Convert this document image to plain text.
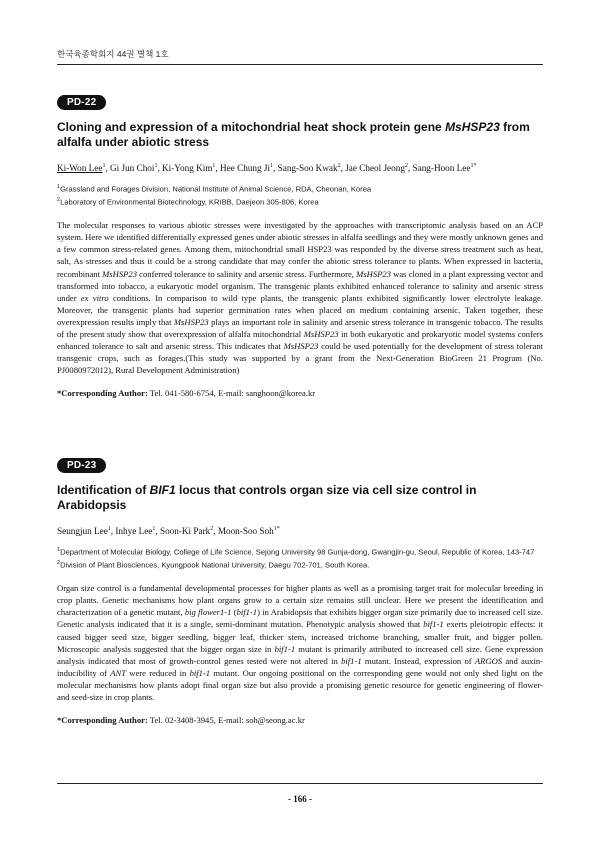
한국육종학회지 44권 별책 1호
PD-22
Cloning and expression of a mitochondrial heat shock protein gene MsHSP23 from alfalfa under abiotic stress
Ki-Won Lee$^1$, Gi Jun Choi$^1$, Ki-Yong Kim$^1$, Hee Chung Ji$^1$, Sang-Soo Kwak$^2$, Jae Cheol Jeong$^2$, Sang-Hoon Lee$^{1*}$
$^1$Grassland and Forages Division, National Institute of Animal Science, RDA, Cheonan, Korea
$^2$Laboratory of Environmental Biotechnology, KRIBB, Daejeon 305-806, Korea
The molecular responses to various abiotic stresses were investigated by the approaches with transcriptomic analysis based on an ACP system. Here we identified differentially expressed genes under abiotic stresses in alfalfa seedlings and they were mostly unknown genes and a few common stress-related genes. Among them, mitochondrial small HSP23 was responded by the diverse stress treatment such as heat, salt, As stresses and thus it could be a strong candidate that may confer the abiotic stress tolerance to plants. When expressed in bacteria, recombinant MsHSP23 conferred tolerance to salinity and arsenic stress. Furthermore, MsHSP23 was cloned in a plant expressing vector and transformed into tobacco, a eukaryotic model organism. The transgenic plants exhibited enhanced tolerance to salinity and arsenic stress under ex vitro conditions. In comparison to wild type plants, the transgenic plants exhibited significantly lower electrolyte leakage. Moreover, the transgenic plants had superior germination rates when placed on medium containing arsenic. Taken together, these overexpression results imply that MsHSP23 plays an important role in salinity and arsenic stress tolerance in transgenic tobacco. The results of the present study show that overexpression of alfalfa mitochondrial MsHSP23 in both eukaryotic and prokaryotic model systems confers enhanced tolerance to salt and arsenic stress. This indicates that MsHSP23 could be used potentially for the development of stress tolerant transgenic crops, such as forages.(This study was supported by a grant from the Next-Generation BioGreen 21 Program (No. PJ0080972012), Rural Development Administration)
*Corresponding Author: Tel. 041-580-6754, E-mail: sanghoon@korea.kr
PD-23
Identification of BIF1 locus that controls organ size via cell size control in Arabidopsis
Seungjun Lee$^1$, Inhye Lee$^1$, Soon-Ki Park$^2$, Moon-Soo Soh$^{1*}$
$^1$Department of Molecular Biology, College of Life Science, Sejong University 98 Gunja-dong, Gwangjin-gu, Seoul, Republic of Korea, 143-747
$^2$Division of Plant Biosciences, Kyungpook National University, Daegu 702-701, South Korea.
Organ size control is a fundamental developmental processes for higher plants as well as a promising target trait for molecular breeding in crop plants. Genetic mechanisms how plant organs grow to a certain size remains still unclear. Here we present the identification and characterization of a genetic mutant, big flower1-1 (bif1-1) in Arabidopsis that exhibits bigger organ size primarily due to increased cell size. Genetic analysis indicated that it is a single, semi-dominant mutation. Phenotypic analysis showed that bif1-1 exerts pleiotropic effects: it caused bigger seed size, bigger seedling, bigger leaf, thicker stem, increased trichome branching, smaller fruit, and bigger pollen. Microscopic analysis suggested that the bigger organ size in bif1-1 mutant is primarily attributed to increased cell size. Gene expression analysis indicated that most of growth-control genes tested were not altered in bif1-1 mutant. Instead, expression of ARGOS and auxin-inducibility of ANT were reduced in bif1-1 mutant. Our ongoing positional on the corresponding gene would not only shed light on the molecular mechanisms how plants adopt final organ size but also provide a promising genetic resource for genetic engineering of flower- and seed-size in crop plants.
*Corresponding Author: Tel. 02-3408-3945, E-mail: soh@seong.ac.kr
- 166 -
